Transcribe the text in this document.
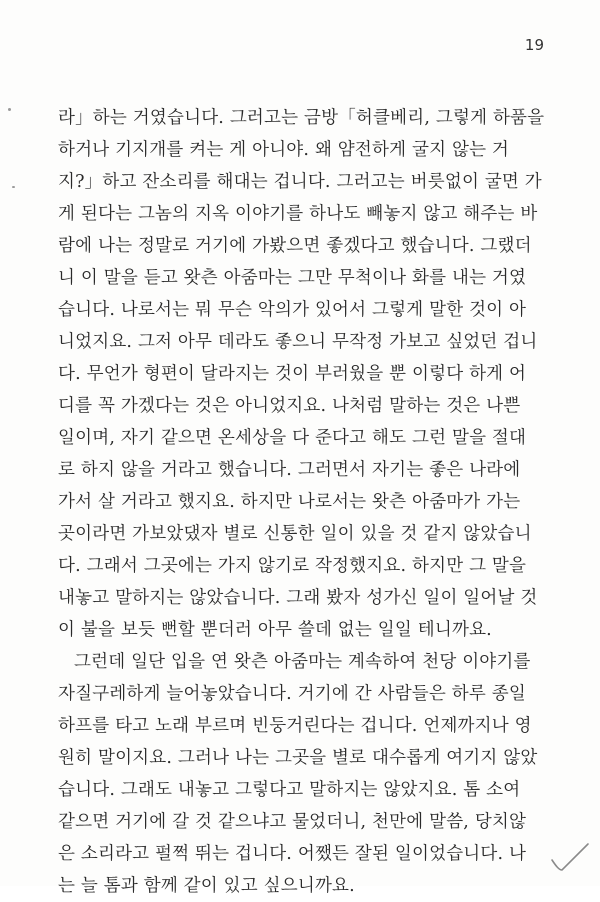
19
라」하는 거였습니다. 그러고는 금방「허클베리, 그렇게 하품을
하거나 기지개를 켜는 게 아니야. 왜 얌전하게 굴지 않는 거
지?」하고 잔소리를 해대는 겁니다. 그러고는 버릇없이 굴면 가
게 된다는 그놈의 지옥 이야기를 하나도 빼놓지 않고 해주는 바
람에 나는 정말로 거기에 가봤으면 좋겠다고 했습니다. 그랬더
니 이 말을 듣고 왓츤 아줌마는 그만 무척이나 화를 내는 거였
습니다. 나로서는 뭐 무슨 악의가 있어서 그렇게 말한 것이 아
니었지요. 그저 아무 데라도 좋으니 무작정 가보고 싶었던 겁니
다. 무언가 형편이 달라지는 것이 부러웠을 뿐 이렇다 하게 어
디를 꼭 가겠다는 것은 아니었지요. 나처럼 말하는 것은 나쁜
일이며, 자기 같으면 온세상을 다 준다고 해도 그런 말을 절대
로 하지 않을 거라고 했습니다. 그러면서 자기는 좋은 나라에
가서 살 거라고 했지요. 하지만 나로서는 왓츤 아줌마가 가는
곳이라면 가보았댔자 별로 신통한 일이 있을 것 같지 않았습니
다. 그래서 그곳에는 가지 않기로 작정했지요. 하지만 그 말을
내놓고 말하지는 않았습니다. 그래 봤자 성가신 일이 일어날 것
이 불을 보듯 뻔할 뿐더러 아무 쓸데 없는 일일 테니까요.
그런데 일단 입을 연 왓츤 아줌마는 계속하여 천당 이야기를
자질구레하게 늘어놓았습니다. 거기에 간 사람들은 하루 종일
하프를 타고 노래 부르며 빈둥거린다는 겁니다. 언제까지나 영
원히 말이지요. 그러나 나는 그곳을 별로 대수롭게 여기지 않았
습니다. 그래도 내놓고 그렇다고 말하지는 않았지요. 톰 소여
같으면 거기에 갈 것 같으냐고 물었더니, 천만에 말씀, 당치않
은 소리라고 펄쩍 뛰는 겁니다. 어쨌든 잘된 일이었습니다. 나
는 늘 톰과 함께 같이 있고 싶으니까요.
